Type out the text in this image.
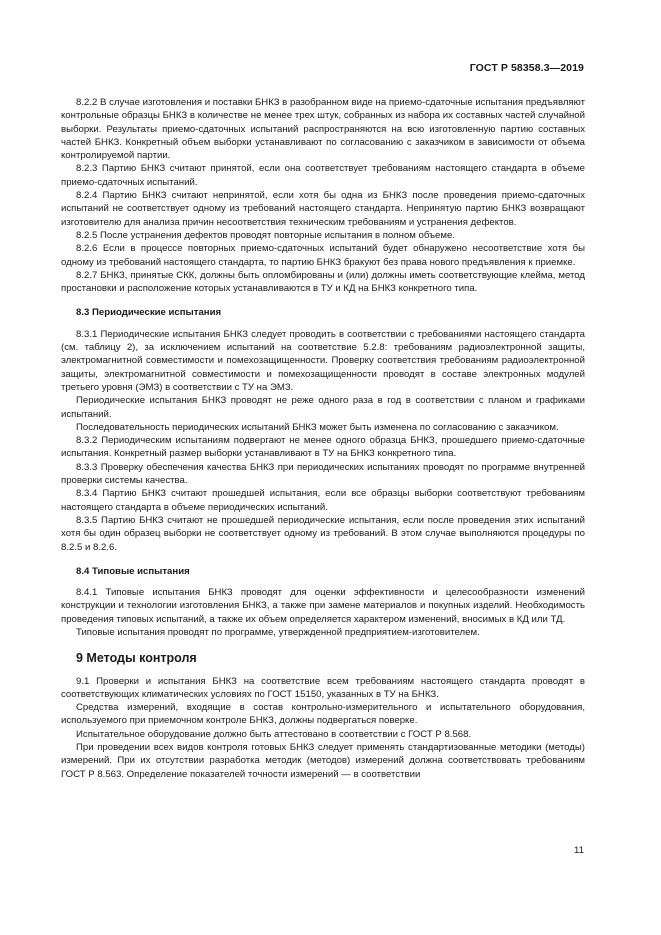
ГОСТ Р 58358.3—2019

8.2.2 В случае изготовления и поставки БНКЗ в разобранном виде на приемо-сдаточные испытания предъявляют контрольные образцы БНКЗ в количестве не менее трех штук, собранных из набора их составных частей случайной выборки. Результаты приемо-сдаточных испытаний распространяются на всю изготовленную партию составных частей БНКЗ. Конкретный объем выборки устанавливают по согласованию с заказчиком в зависимости от объема контролируемой партии.

8.2.3 Партию БНКЗ считают принятой, если она соответствует требованиям настоящего стандарта в объеме приемо-сдаточных испытаний.

8.2.4 Партию БНКЗ считают непринятой, если хотя бы одна из БНКЗ после проведения приемо-сдаточных испытаний не соответствует одному из требований настоящего стандарта. Непринятую партию БНКЗ возвращают изготовителю для анализа причин несоответствия техническим требованиям и устранения дефектов.

8.2.5 После устранения дефектов проводят повторные испытания в полном объеме.

8.2.6 Если в процессе повторных приемо-сдаточных испытаний будет обнаружено несоответствие хотя бы одному из требований настоящего стандарта, то партию БНКЗ бракуют без права нового предъявления к приемке.

8.2.7 БНКЗ, принятые СКК, должны быть опломбированы и (или) должны иметь соответствующие клейма, метод простановки и расположение которых устанавливаются в ТУ и КД на БНКЗ конкретного типа.

8.3 Периодические испытания

8.3.1 Периодические испытания БНКЗ следует проводить в соответствии с требованиями настоящего стандарта (см. таблицу 2), за исключением испытаний на соответствие 5.2.8: требованиям радиоэлектронной защиты, электромагнитной совместимости и помехозащищенности. Проверку соответствия требованиям радиоэлектронной защиты, электромагнитной совместимости и помехозащищенности проводят в составе электронных модулей третьего уровня (ЭМЗ) в соответствии с ТУ на ЭМЗ.

Периодические испытания БНКЗ проводят не реже одного раза в год в соответствии с планом и графиками испытаний.

Последовательность периодических испытаний БНКЗ может быть изменена по согласованию с заказчиком.

8.3.2 Периодическим испытаниям подвергают не менее одного образца БНКЗ, прошедшего приемо-сдаточные испытания. Конкретный размер выборки устанавливают в ТУ на БНКЗ конкретного типа.

8.3.3 Проверку обеспечения качества БНКЗ при периодических испытаниях проводят по программе внутренней проверки системы качества.

8.3.4 Партию БНКЗ считают прошедшей испытания, если все образцы выборки соответствуют требованиям настоящего стандарта в объеме периодических испытаний.

8.3.5 Партию БНКЗ считают не прошедшей периодические испытания, если после проведения этих испытаний хотя бы один образец выборки не соответствует одному из требований. В этом случае выполняются процедуры по 8.2.5 и 8.2.6.

8.4 Типовые испытания

8.4.1 Типовые испытания БНКЗ проводят для оценки эффективности и целесообразности изменений конструкции и технологии изготовления БНКЗ, а также при замене материалов и покупных изделий. Необходимость проведения типовых испытаний, а также их объем определяется характером изменений, вносимых в КД или ТД.

Типовые испытания проводят по программе, утвержденной предприятием-изготовителем.

9 Методы контроля

9.1 Проверки и испытания БНКЗ на соответствие всем требованиям настоящего стандарта проводят в соответствующих климатических условиях по ГОСТ 15150, указанных в ТУ на БНКЗ.

Средства измерений, входящие в состав контрольно-измерительного и испытательного оборудования, используемого при приемочном контроле БНКЗ, должны подвергаться поверке.

Испытательное оборудование должно быть аттестовано в соответствии с ГОСТ Р 8.568.

При проведении всех видов контроля готовых БНКЗ следует применять стандартизованные методики (методы) измерений. При их отсутствии разработка методик (методов) измерений должна соответствовать требованиям ГОСТ Р 8.563. Определение показателей точности измерений — в соответствии

11
